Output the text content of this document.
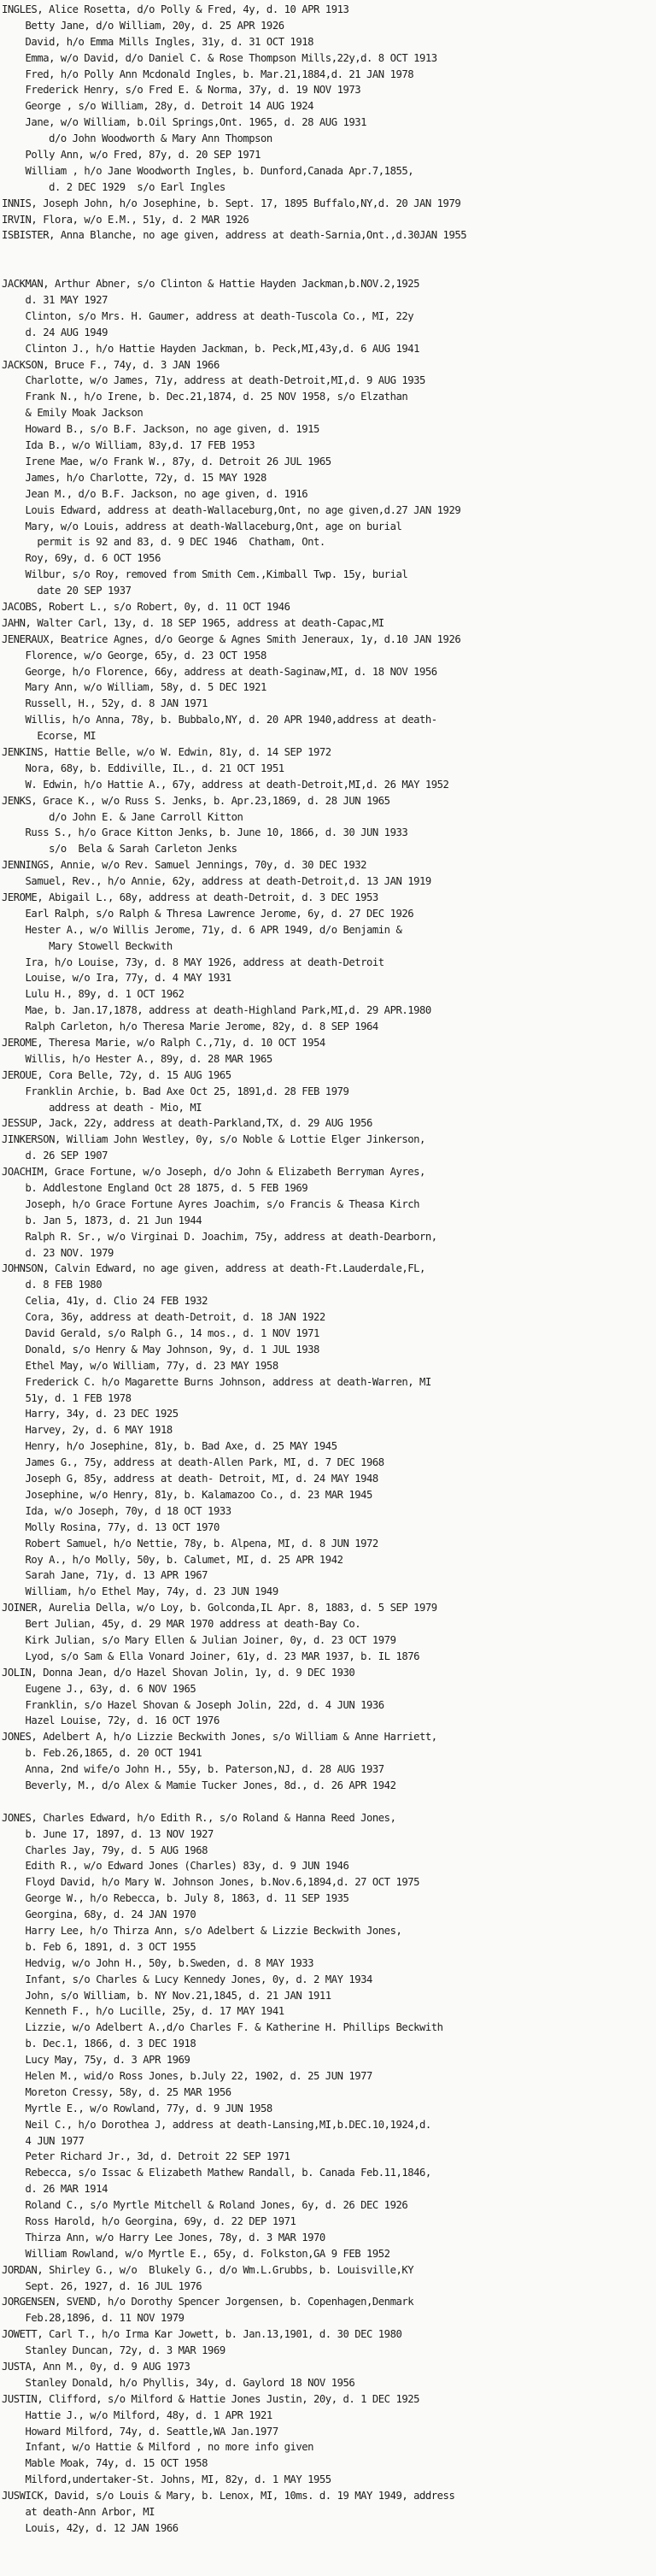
INGLES, Alice Rosetta, d/o Polly & Fred, 4y, d. 10 APR 1913
Betty Jane, d/o William, 20y, d. 25 APR 1926
David, h/o Emma Mills Ingles, 31y, d. 31 OCT 1918
Emma, w/o David, d/o Daniel C. & Rose Thompson Mills,22y,d. 8 OCT 1913
Fred, h/o Polly Ann Mcdonald Ingles, b. Mar.21,1884,d. 21 JAN 1978
Frederick Henry, s/o Fred E. & Norma, 37y, d. 19 NOV 1973
George , s/o William, 28y, d. Detroit 14 AUG 1924
Jane, w/o William, b.Oil Springs,Ont. 1965, d. 28 AUG 1931
d/o John Woodworth & Mary Ann Thompson
Polly Ann, w/o Fred, 87y, d. 20 SEP 1971
William , h/o Jane Woodworth Ingles, b. Dunford,Canada Apr.7,1855,
d. 2 DEC 1929  s/o Earl Ingles
INNIS, Joseph John, h/o Josephine, b. Sept. 17, 1895 Buffalo,NY,d. 20 JAN 1979
IRVIN, Flora, w/o E.M., 51y, d. 2 MAR 1926
ISBISTER, Anna Blanche, no age given, address at death-Sarnia,Ont.,d.30JAN 1955
JACKMAN, Arthur Abner, s/o Clinton & Hattie Hayden Jackman,b.NOV.2,1925
d. 31 MAY 1927
Clinton, s/o Mrs. H. Gaumer, address at death-Tuscola Co., MI, 22y
d. 24 AUG 1949
Clinton J., h/o Hattie Hayden Jackman, b. Peck,MI,43y,d. 6 AUG 1941
JACKSON, Bruce F., 74y, d. 3 JAN 1966
Charlotte, w/o James, 71y, address at death-Detroit,MI,d. 9 AUG 1935
Frank N., h/o Irene, b. Dec.21,1874, d. 25 NOV 1958, s/o Elzathan
& Emily Moak Jackson
Howard B., s/o B.F. Jackson, no age given, d. 1915
Ida B., w/o William, 83y,d. 17 FEB 1953
Irene Mae, w/o Frank W., 87y, d. Detroit 26 JUL 1965
James, h/o Charlotte, 72y, d. 15 MAY 1928
Jean M., d/o B.F. Jackson, no age given, d. 1916
Louis Edward, address at death-Wallaceburg,Ont, no age given,d.27 JAN 1929
Mary, w/o Louis, address at death-Wallaceburg,Ont, age on burial
permit is 92 and 83, d. 9 DEC 1946  Chatham, Ont.
Roy, 69y, d. 6 OCT 1956
Wilbur, s/o Roy, removed from Smith Cem.,Kimball Twp. 15y, burial
date 20 SEP 1937
JACOBS, Robert L., s/o Robert, 0y, d. 11 OCT 1946
JAHN, Walter Carl, 13y, d. 18 SEP 1965, address at death-Capac,MI
JENERAUX, Beatrice Agnes, d/o George & Agnes Smith Jeneraux, 1y, d.10 JAN 1926
Florence, w/o George, 65y, d. 23 OCT 1958
George, h/o Florence, 66y, address at death-Saginaw,MI, d. 18 NOV 1956
Mary Ann, w/o William, 58y, d. 5 DEC 1921
Russell, H., 52y, d. 8 JAN 1971
Willis, h/o Anna, 78y, b. Bubbalo,NY, d. 20 APR 1940,address at death-
Ecorse, MI
JENKINS, Hattie Belle, w/o W. Edwin, 81y, d. 14 SEP 1972
Nora, 68y, b. Eddiville, IL., d. 21 OCT 1951
W. Edwin, h/o Hattie A., 67y, address at death-Detroit,MI,d. 26 MAY 1952
JENKS, Grace K., w/o Russ S. Jenks, b. Apr.23,1869, d. 28 JUN 1965
d/o John E. & Jane Carroll Kitton
Russ S., h/o Grace Kitton Jenks, b. June 10, 1866, d. 30 JUN 1933
s/o  Bela & Sarah Carleton Jenks
JENNINGS, Annie, w/o Rev. Samuel Jennings, 70y, d. 30 DEC 1932
Samuel, Rev., h/o Annie, 62y, address at death-Detroit,d. 13 JAN 1919
JEROME, Abigail L., 68y, address at death-Detroit, d. 3 DEC 1953
Earl Ralph, s/o Ralph & Thresa Lawrence Jerome, 6y, d. 27 DEC 1926
Hester A., w/o Willis Jerome, 71y, d. 6 APR 1949, d/o Benjamin &
Mary Stowell Beckwith
Ira, h/o Louise, 73y, d. 8 MAY 1926, address at death-Detroit
Louise, w/o Ira, 77y, d. 4 MAY 1931
Lulu H., 89y, d. 1 OCT 1962
Mae, b. Jan.17,1878, address at death-Highland Park,MI,d. 29 APR.1980
Ralph Carleton, h/o Theresa Marie Jerome, 82y, d. 8 SEP 1964
JEROME, Theresa Marie, w/o Ralph C.,71y, d. 10 OCT 1954
Willis, h/o Hester A., 89y, d. 28 MAR 1965
JEROUE, Cora Belle, 72y, d. 15 AUG 1965
Franklin Archie, b. Bad Axe Oct 25, 1891,d. 28 FEB 1979
address at death - Mio, MI
JESSUP, Jack, 22y, address at death-Parkland,TX, d. 29 AUG 1956
JINKERSON, William John Westley, 0y, s/o Noble & Lottie Elger Jinkerson,
d. 26 SEP 1907
JOACHIM, Grace Fortune, w/o Joseph, d/o John & Elizabeth Berryman Ayres,
b. Addlestone England Oct 28 1875, d. 5 FEB 1969
Joseph, h/o Grace Fortune Ayres Joachim, s/o Francis & Theasa Kirch
b. Jan 5, 1873, d. 21 Jun 1944
Ralph R. Sr., w/o Virginai D. Joachim, 75y, address at death-Dearborn,
d. 23 NOV. 1979
JOHNSON, Calvin Edward, no age given, address at death-Ft.Lauderdale,FL,
d. 8 FEB 1980
Celia, 41y, d. Clio 24 FEB 1932
Cora, 36y, address at death-Detroit, d. 18 JAN 1922
David Gerald, s/o Ralph G., 14 mos., d. 1 NOV 1971
Donald, s/o Henry & May Johnson, 9y, d. 1 JUL 1938
Ethel May, w/o William, 77y, d. 23 MAY 1958
Frederick C. h/o Magarette Burns Johnson, address at death-Warren, MI
51y, d. 1 FEB 1978
Harry, 34y, d. 23 DEC 1925
Harvey, 2y, d. 6 MAY 1918
Henry, h/o Josephine, 81y, b. Bad Axe, d. 25 MAY 1945
James G., 75y, address at death-Allen Park, MI, d. 7 DEC 1968
Joseph G, 85y, address at death- Detroit, MI, d. 24 MAY 1948
Josephine, w/o Henry, 81y, b. Kalamazoo Co., d. 23 MAR 1945
Ida, w/o Joseph, 70y, d 18 OCT 1933
Molly Rosina, 77y, d. 13 OCT 1970
Robert Samuel, h/o Nettie, 78y, b. Alpena, MI, d. 8 JUN 1972
Roy A., h/o Molly, 50y, b. Calumet, MI, d. 25 APR 1942
Sarah Jane, 71y, d. 13 APR 1967
William, h/o Ethel May, 74y, d. 23 JUN 1949
JOINER, Aurelia Della, w/o Loy, b. Golconda,IL Apr. 8, 1883, d. 5 SEP 1979
Bert Julian, 45y, d. 29 MAR 1970 address at death-Bay Co.
Kirk Julian, s/o Mary Ellen & Julian Joiner, 0y, d. 23 OCT 1979
Lyod, s/o Sam & Ella Vonard Joiner, 61y, d. 23 MAR 1937, b. IL 1876
JOLIN, Donna Jean, d/o Hazel Shovan Jolin, 1y, d. 9 DEC 1930
Eugene J., 63y, d. 6 NOV 1965
Franklin, s/o Hazel Shovan & Joseph Jolin, 22d, d. 4 JUN 1936
Hazel Louise, 72y, d. 16 OCT 1976
JONES, Adelbert A, h/o Lizzie Beckwith Jones, s/o William & Anne Harriett,
b. Feb.26,1865, d. 20 OCT 1941
Anna, 2nd wife/o John H., 55y, b. Paterson,NJ, d. 28 AUG 1937
Beverly, M., d/o Alex & Mamie Tucker Jones, 8d., d. 26 APR 1942
JONES, Charles Edward, h/o Edith R., s/o Roland & Hanna Reed Jones,
b. June 17, 1897, d. 13 NOV 1927
Charles Jay, 79y, d. 5 AUG 1968
Edith R., w/o Edward Jones (Charles) 83y, d. 9 JUN 1946
Floyd David, h/o Mary W. Johnson Jones, b.Nov.6,1894,d. 27 OCT 1975
George W., h/o Rebecca, b. July 8, 1863, d. 11 SEP 1935
Georgina, 68y, d. 24 JAN 1970
Harry Lee, h/o Thirza Ann, s/o Adelbert & Lizzie Beckwith Jones,
b. Feb 6, 1891, d. 3 OCT 1955
Hedvig, w/o John H., 50y, b.Sweden, d. 8 MAY 1933
Infant, s/o Charles & Lucy Kennedy Jones, 0y, d. 2 MAY 1934
John, s/o William, b. NY Nov.21,1845, d. 21 JAN 1911
Kenneth F., h/o Lucille, 25y, d. 17 MAY 1941
Lizzie, w/o Adelbert A.,d/o Charles F. & Katherine H. Phillips Beckwith
b. Dec.1, 1866, d. 3 DEC 1918
Lucy May, 75y, d. 3 APR 1969
Helen M., wid/o Ross Jones, b.July 22, 1902, d. 25 JUN 1977
Moreton Cressy, 58y, d. 25 MAR 1956
Myrtle E., w/o Rowland, 77y, d. 9 JUN 1958
Neil C., h/o Dorothea J, address at death-Lansing,MI,b.DEC.10,1924,d.
4 JUN 1977
Peter Richard Jr., 3d, d. Detroit 22 SEP 1971
Rebecca, s/o Issac & Elizabeth Mathew Randall, b. Canada Feb.11,1846,
d. 26 MAR 1914
Roland C., s/o Myrtle Mitchell & Roland Jones, 6y, d. 26 DEC 1926
Ross Harold, h/o Georgina, 69y, d. 22 DEP 1971
Thirza Ann, w/o Harry Lee Jones, 78y, d. 3 MAR 1970
William Rowland, w/o Myrtle E., 65y, d. Folkston,GA 9 FEB 1952
JORDAN, Shirley G., w/o  Blukely G., d/o Wm.L.Grubbs, b. Louisville,KY
Sept. 26, 1927, d. 16 JUL 1976
JORGENSEN, SVEND, h/o Dorothy Spencer Jorgensen, b. Copenhagen,Denmark
Feb.28,1896, d. 11 NOV 1979
JOWETT, Carl T., h/o Irma Kar Jowett, b. Jan.13,1901, d. 30 DEC 1980
Stanley Duncan, 72y, d. 3 MAR 1969
JUSTA, Ann M., 0y, d. 9 AUG 1973
Stanley Donald, h/o Phyllis, 34y, d. Gaylord 18 NOV 1956
JUSTIN, Clifford, s/o Milford & Hattie Jones Justin, 20y, d. 1 DEC 1925
Hattie J., w/o Milford, 48y, d. 1 APR 1921
Howard Milford, 74y, d. Seattle,WA Jan.1977
Infant, w/o Hattie & Milford , no more info given
Mable Moak, 74y, d. 15 OCT 1958
Milford,undertaker-St. Johns, MI, 82y, d. 1 MAY 1955
JUSWICK, David, s/o Louis & Mary, b. Lenox, MI, 10ms. d. 19 MAY 1949, address
at death-Ann Arbor, MI
Louis, 42y, d. 12 JAN 1966
